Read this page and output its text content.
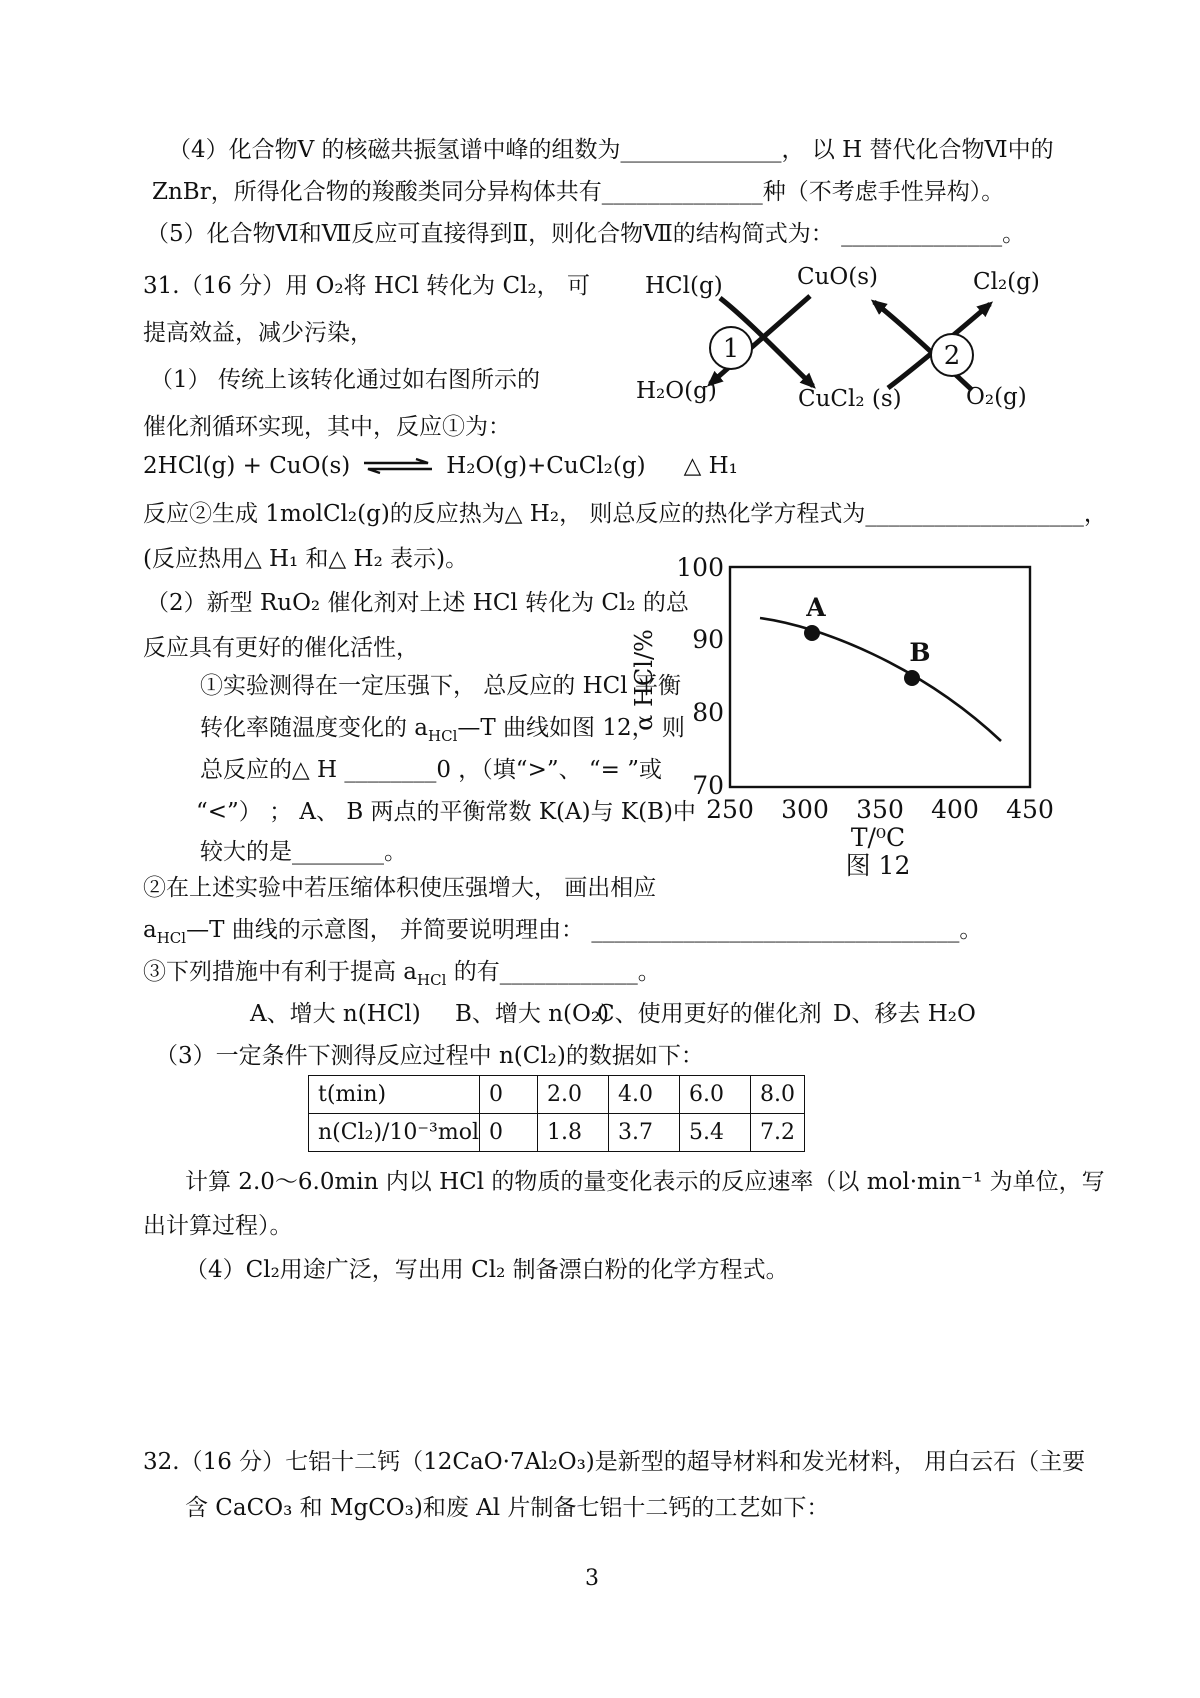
（4）化合物Ⅴ 的核磁共振氢谱中峰的组数为______________， 以 H 替代化合物Ⅵ中的
ZnBr，所得化合物的羧酸类同分异构体共有______________种（不考虑手性异构）。
（5）化合物Ⅵ和Ⅶ反应可直接得到Ⅱ，则化合物Ⅶ的结构简式为： ______________。
31.（16 分）用 O₂将 HCl 转化为 Cl₂， 可
提高效益，减少污染，
（1） 传统上该转化通过如右图所示的
催化剂循环实现，其中，反应①为：
HCl(g)	CuO(s)	Cl₂(g)
H₂O(g)	CuCl₂ (s)	O₂(g)
1	2
2HCl(g) + CuO(s) ⇌ H₂O(g)+CuCl₂(g) △ H₁
反应②生成 1molCl₂(g)的反应热为△ H₂， 则总反应的热化学方程式为___________________，
(反应热用△ H₁ 和△ H₂ 表示)。
（2）新型 RuO₂ 催化剂对上述 HCl 转化为 Cl₂ 的总
反应具有更好的催化活性，
①实验测得在一定压强下， 总反应的 HCl 平衡
转化率随温度变化的 $a_{HCl}—T$ 曲线如图 12， 则
总反应的△ H ________0 ，（填“>”、 “= ”或
“<”） ； A、 B 两点的平衡常数 K(A)与 K(B)中
较大的是________。
100
90
80
70
250 300 350 400 450
α HCl/%
T/⁰C
图 12
A
B
②在上述实验中若压缩体积使压强增大， 画出相应
$a_{HCl}—T$ 曲线的示意图， 并简要说明理由： ________________________________。
③下列措施中有利于提高 $a_{HCl}$ 的有____________。
A、增大 n(HCl) B、增大 n(O₂)
C、使用更好的催化剂 D、移去 H₂O
（3）一定条件下测得反应过程中 n(Cl₂)的数据如下：
t(min)	0	2.0	4.0	6.0	8.0
n(Cl₂)/10⁻³mol	0	1.8	3.7	5.4	7.2
计算 2.0～6.0min 内以 HCl 的物质的量变化表示的反应速率（以 mol·min⁻¹ 为单位，写
出计算过程）。
（4）Cl₂用途广泛，写出用 Cl₂ 制备漂白粉的化学方程式。
32.（16 分）七铝十二钙（12CaO·7Al₂O₃)是新型的超导材料和发光材料， 用白云石（主要
含 CaCO₃ 和 MgCO₃)和废 Al 片制备七铝十二钙的工艺如下：
3
